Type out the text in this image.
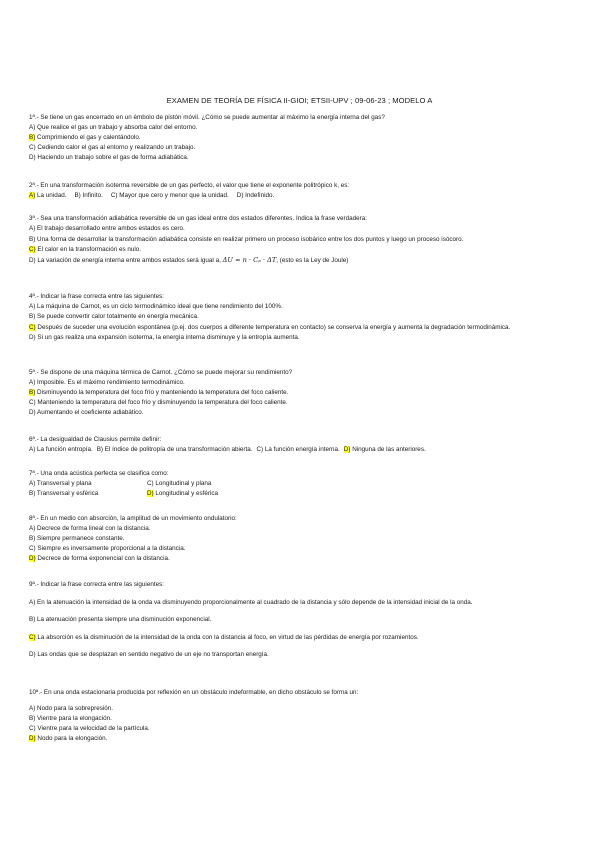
EXAMEN DE TEORÍA DE FÍSICA II-GIOI; ETSII-UPV ; 09-06-23 ; MODELO A
1ª.- Se tiene un gas encerrado en un émbolo de pistón móvil. ¿Cómo se puede aumentar al máximo la energía interna del gas?
A) Que realice el gas un trabajo y absorba calor del entorno.
B) Comprimiendo el gas y calentándolo.
C) Cediendo calor el gas al entorno y realizando un trabajo.
D) Haciendo un trabajo sobre el gas de forma adiabática.
2ª.- En una transformación isoterma reversible de un gas perfecto, el valor que tiene el exponente politrópico k, es:
A) La unidad. B) Infinito. C) Mayor que cero y menor que la unidad. D) Indefinido.
3ª.- Sea una transformación adiabática reversible de un gas ideal entre dos estados diferentes. Indica la frase verdadera:
A) El trabajo desarrollado entre ambos estados es cero.
B) Una forma de desarrollar la transformación adiabática consiste en realizar primero un proceso isobárico entre los dos puntos y luego un proceso isócoro.
C) El calor en la transformación es nulo.
D) La variación de energía interna entre ambos estados será igual a, ΔU = n · Cₚ · ΔT, (esto es la Ley de Joule)
4ª.- Indicar la frase correcta entre las siguientes:
A) La máquina de Carnot, es un ciclo termodinámico ideal que tiene rendimiento del 100%.
B) Se puede convertir calor totalmente en energía mecánica.
C) Después de suceder una evolución espontánea (p.ej. dos cuerpos a diferente temperatura en contacto) se conserva la energía y aumenta la degradación termodinámica.
D) Si un gas realiza una expansión isoterma, la energía interna disminuye y la entropía aumenta.
5ª.- Se dispone de una máquina térmica de Carnot. ¿Cómo se puede mejorar su rendimiento?
A) Imposible. Es el máximo rendimiento termodinámico.
B) Disminuyendo la temperatura del foco frío y manteniendo la temperatura del foco caliente.
C) Manteniendo la temperatura del foco frío y disminuyendo la temperatura del foco caliente.
D) Aumentando el coeficiente adiabático.
6ª.- La desigualdad de Clausius permite definir:
A) La función entropía. B) El índice de politropía de una transformación abierta. C) La función energía interna. D) Ninguna de las anteriores.
7ª.- Una onda acústica perfecta se clasifica como:
A) Transversal y plana	C) Longitudinal y plana
B) Transversal y esférica	D) Longitudinal y esférica
8ª.- En un medio con absorción, la amplitud de un movimiento ondulatorio:
A) Decrece de forma lineal con la distancia.
B) Siempre permanece constante.
C) Siempre es inversamente proporcional a la distancia.
D) Decrece de forma exponencial con la distancia.
9ª.- Indicar la frase correcta entre las siguientes:
A) En la atenuación la intensidad de la onda va disminuyendo proporcionalmente al cuadrado de la distancia y sólo depende de la intensidad inicial de la onda.
B) La atenuación presenta siempre una disminución exponencial.
C) La absorción es la disminución de la intensidad de la onda con la distancia al foco, en virtud de las pérdidas de energía por rozamientos.
D) Las ondas que se desplazan en sentido negativo de un eje no transportan energía.
10ª.- En una onda estacionaria producida por reflexión en un obstáculo indeformable, en dicho obstáculo se forma un:
A) Nodo para la sobrepresión.
B) Vientre para la elongación.
C) Vientre para la velocidad de la partícula.
D) Nodo para la elongación.
